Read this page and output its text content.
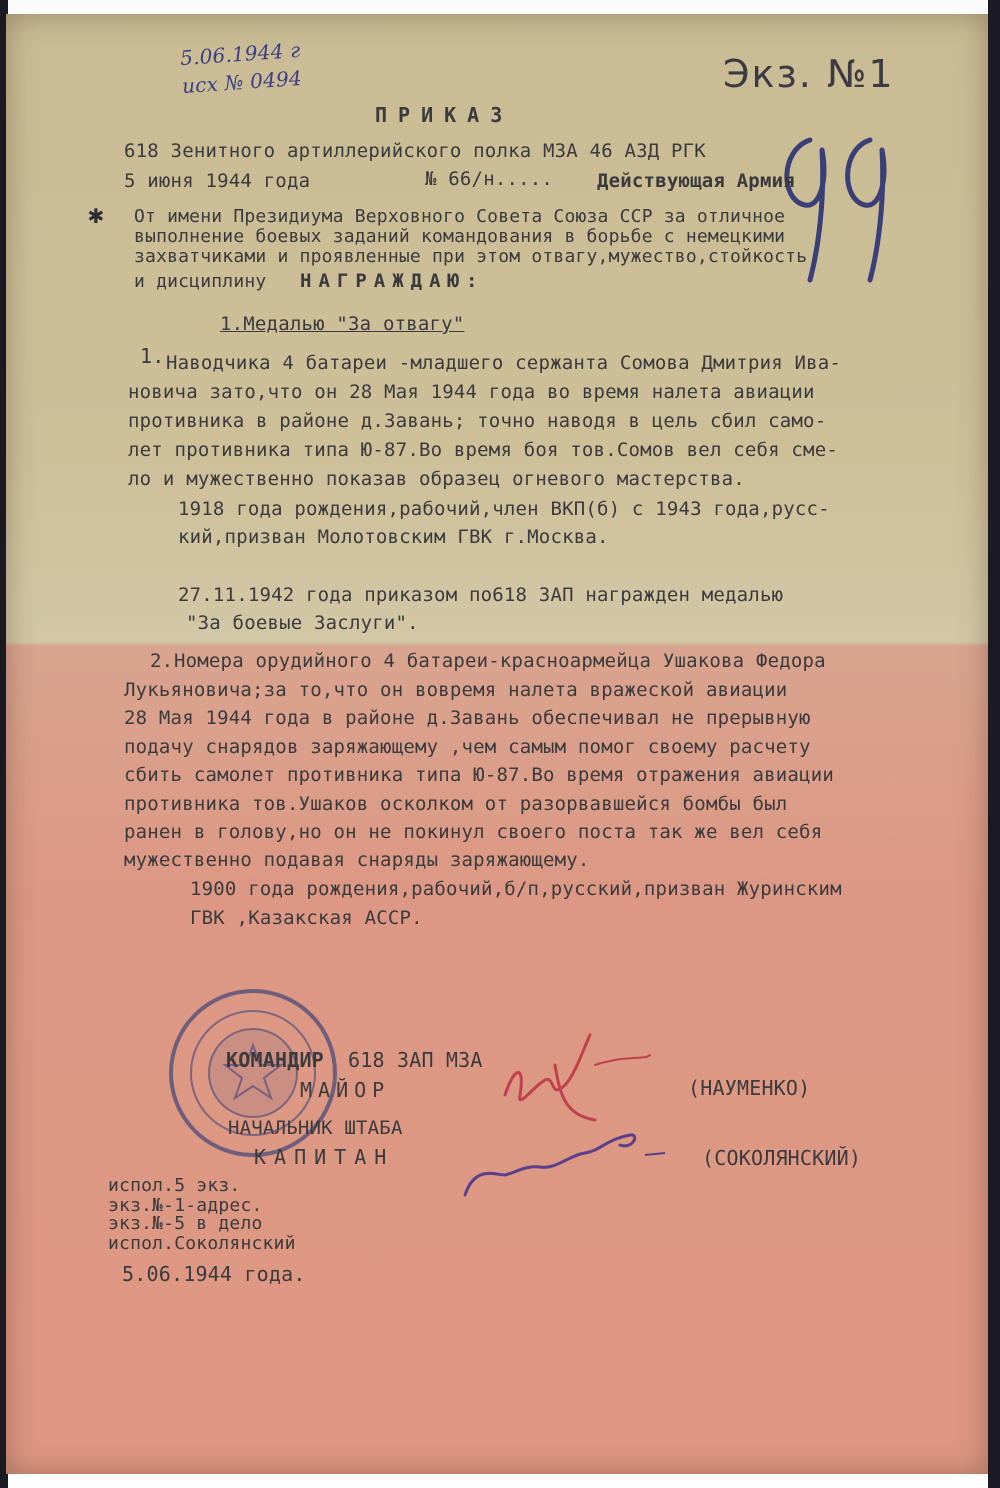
5.06.1944 г
исх № 0494	Экз. №1
ПРИКАЗ
618 Зенитного артиллерийского полка МЗА 46 АЗД РГК
5 июня 1944 года	№ 66/н..... Действующая Армия
✱ От имени Президиума Верховного Совета Союза ССР за отличное
выполнение боевых заданий командования в борьбе с немецкими
захватчиками и проявленные при этом отвагу,мужество,стойкость
и дисциплину НАГРАЖДАЮ:
1.Медалью "За отвагу"
1. Наводчика 4 батареи -младшего сержанта Сомова Дмитрия Ива-
новича зато,что он 28 Мая 1944 года во время налета авиации
противника в районе д.Завань; точно наводя в цель сбил само-
лет противника типа Ю-87.Во время боя тов.Сомов вел себя сме-
ло и мужественно показав образец огневого мастерства.
1918 года рождения,рабочий,член ВКП(б) с 1943 года,русс-
кий,призван Молотовским ГВК г.Москва.
27.11.1942 года приказом по618 ЗАП награжден медалью
"За боевые Заслуги".
2. Номера орудийного 4 батареи-красноармейца Ушакова Федора
Лукьяновича;за то,что он вовремя налета вражеской авиации
28 Мая 1944 года в районе д.Завань обеспечивал не прерывную
подачу снарядов заряжающему ,чем самым помог своему расчету
сбить самолет противника типа Ю-87.Во время отражения авиации
противника тов.Ушаков осколком от разорвавшейся бомбы был
ранен в голову,но он не покинул своего поста так же вел себя
мужественно подавая снаряды заряжающему.
1900 года рождения,рабочий,б/п,русский,призван Журинским
ГВК ,Казакская АССР.
КОМАНДИР 618 ЗАП МЗА
МАЙОР	(НАУМЕНКО)
НАЧАЛЬНИК ШТАБА
КАПИТАН	(СОКОЛЯНСКИЙ)
испол.5 экз.
экз.№-1-адрес.
экз.№-5 в дело
испол.Соколянский
5.06.1944 года.
